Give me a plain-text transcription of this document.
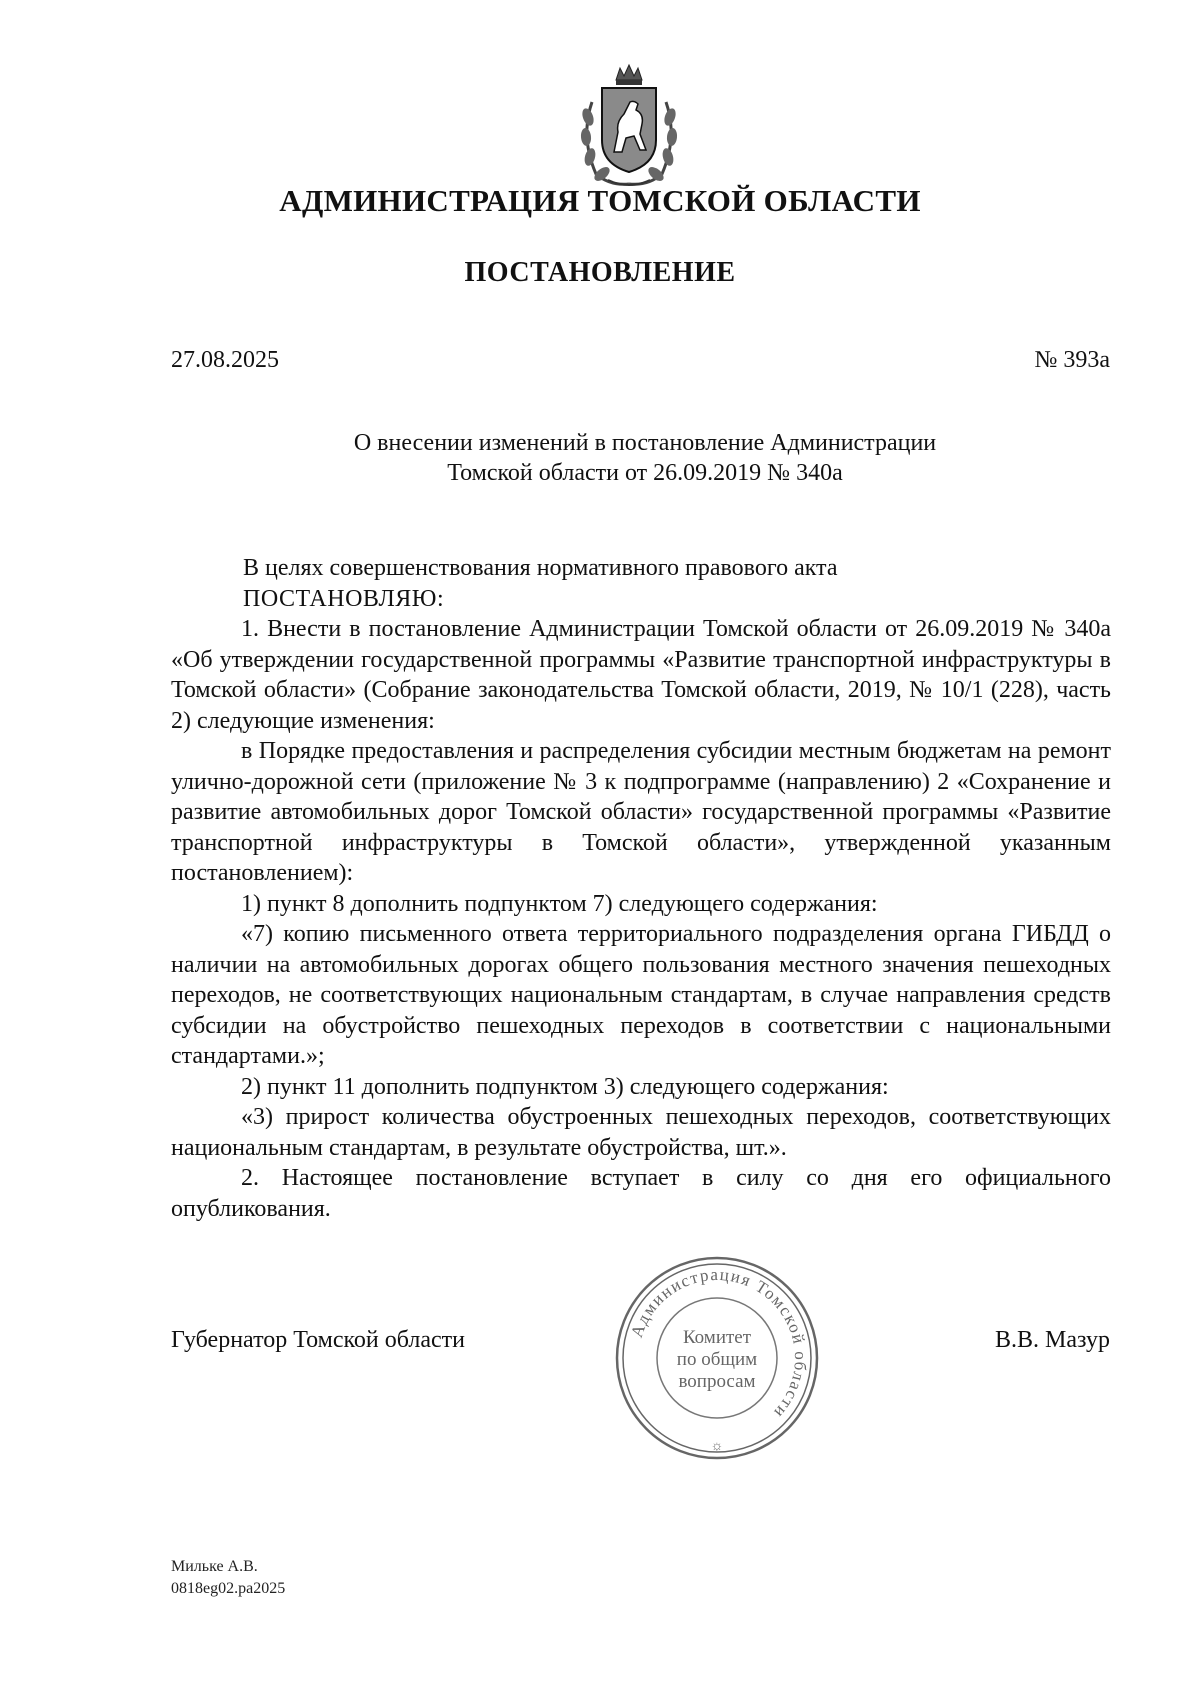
АДМИНИСТРАЦИЯ ТОМСКОЙ ОБЛАСТИ
ПОСТАНОВЛЕНИЕ
27.08.2025	№ 393а
О внесении изменений в постановление Администрации
Томской области от 26.09.2019 № 340а

В целях совершенствования нормативного правового акта

ПОСТАНОВЛЯЮ:

1. Внести в постановление Администрации Томской области от 26.09.2019 № 340а «Об утверждении государственной программы «Развитие транспортной инфраструктуры в Томской области» (Собрание законодательства Томской области, 2019, № 10/1 (228), часть 2) следующие изменения:

в Порядке предоставления и распределения субсидии местным бюджетам на ремонт улично-дорожной сети (приложение № 3 к подпрограмме (направлению) 2 «Сохранение и развитие автомобильных дорог Томской области» государственной программы «Развитие транспортной инфраструктуры в Томской области», утвержденной указанным постановлением):

1) пункт 8 дополнить подпунктом 7) следующего содержания:

«7) копию письменного ответа территориального подразделения органа ГИБДД о наличии на автомобильных дорогах общего пользования местного значения пешеходных переходов, не соответствующих национальным стандартам, в случае направления средств субсидии на обустройство пешеходных переходов в соответствии с национальными стандартами.»;

2) пункт 11 дополнить подпунктом 3) следующего содержания:

«3) прирост количества обустроенных пешеходных переходов, соответствующих национальным стандартам, в результате обустройства, шт.».

2. Настоящее постановление вступает в силу со дня его официального опубликования.

Губернатор Томской области	В.В. Мазур
Администрация Томской области
Комитет
по общим
вопросам
☼
Мильке А.В.
0818eg02.pa2025
